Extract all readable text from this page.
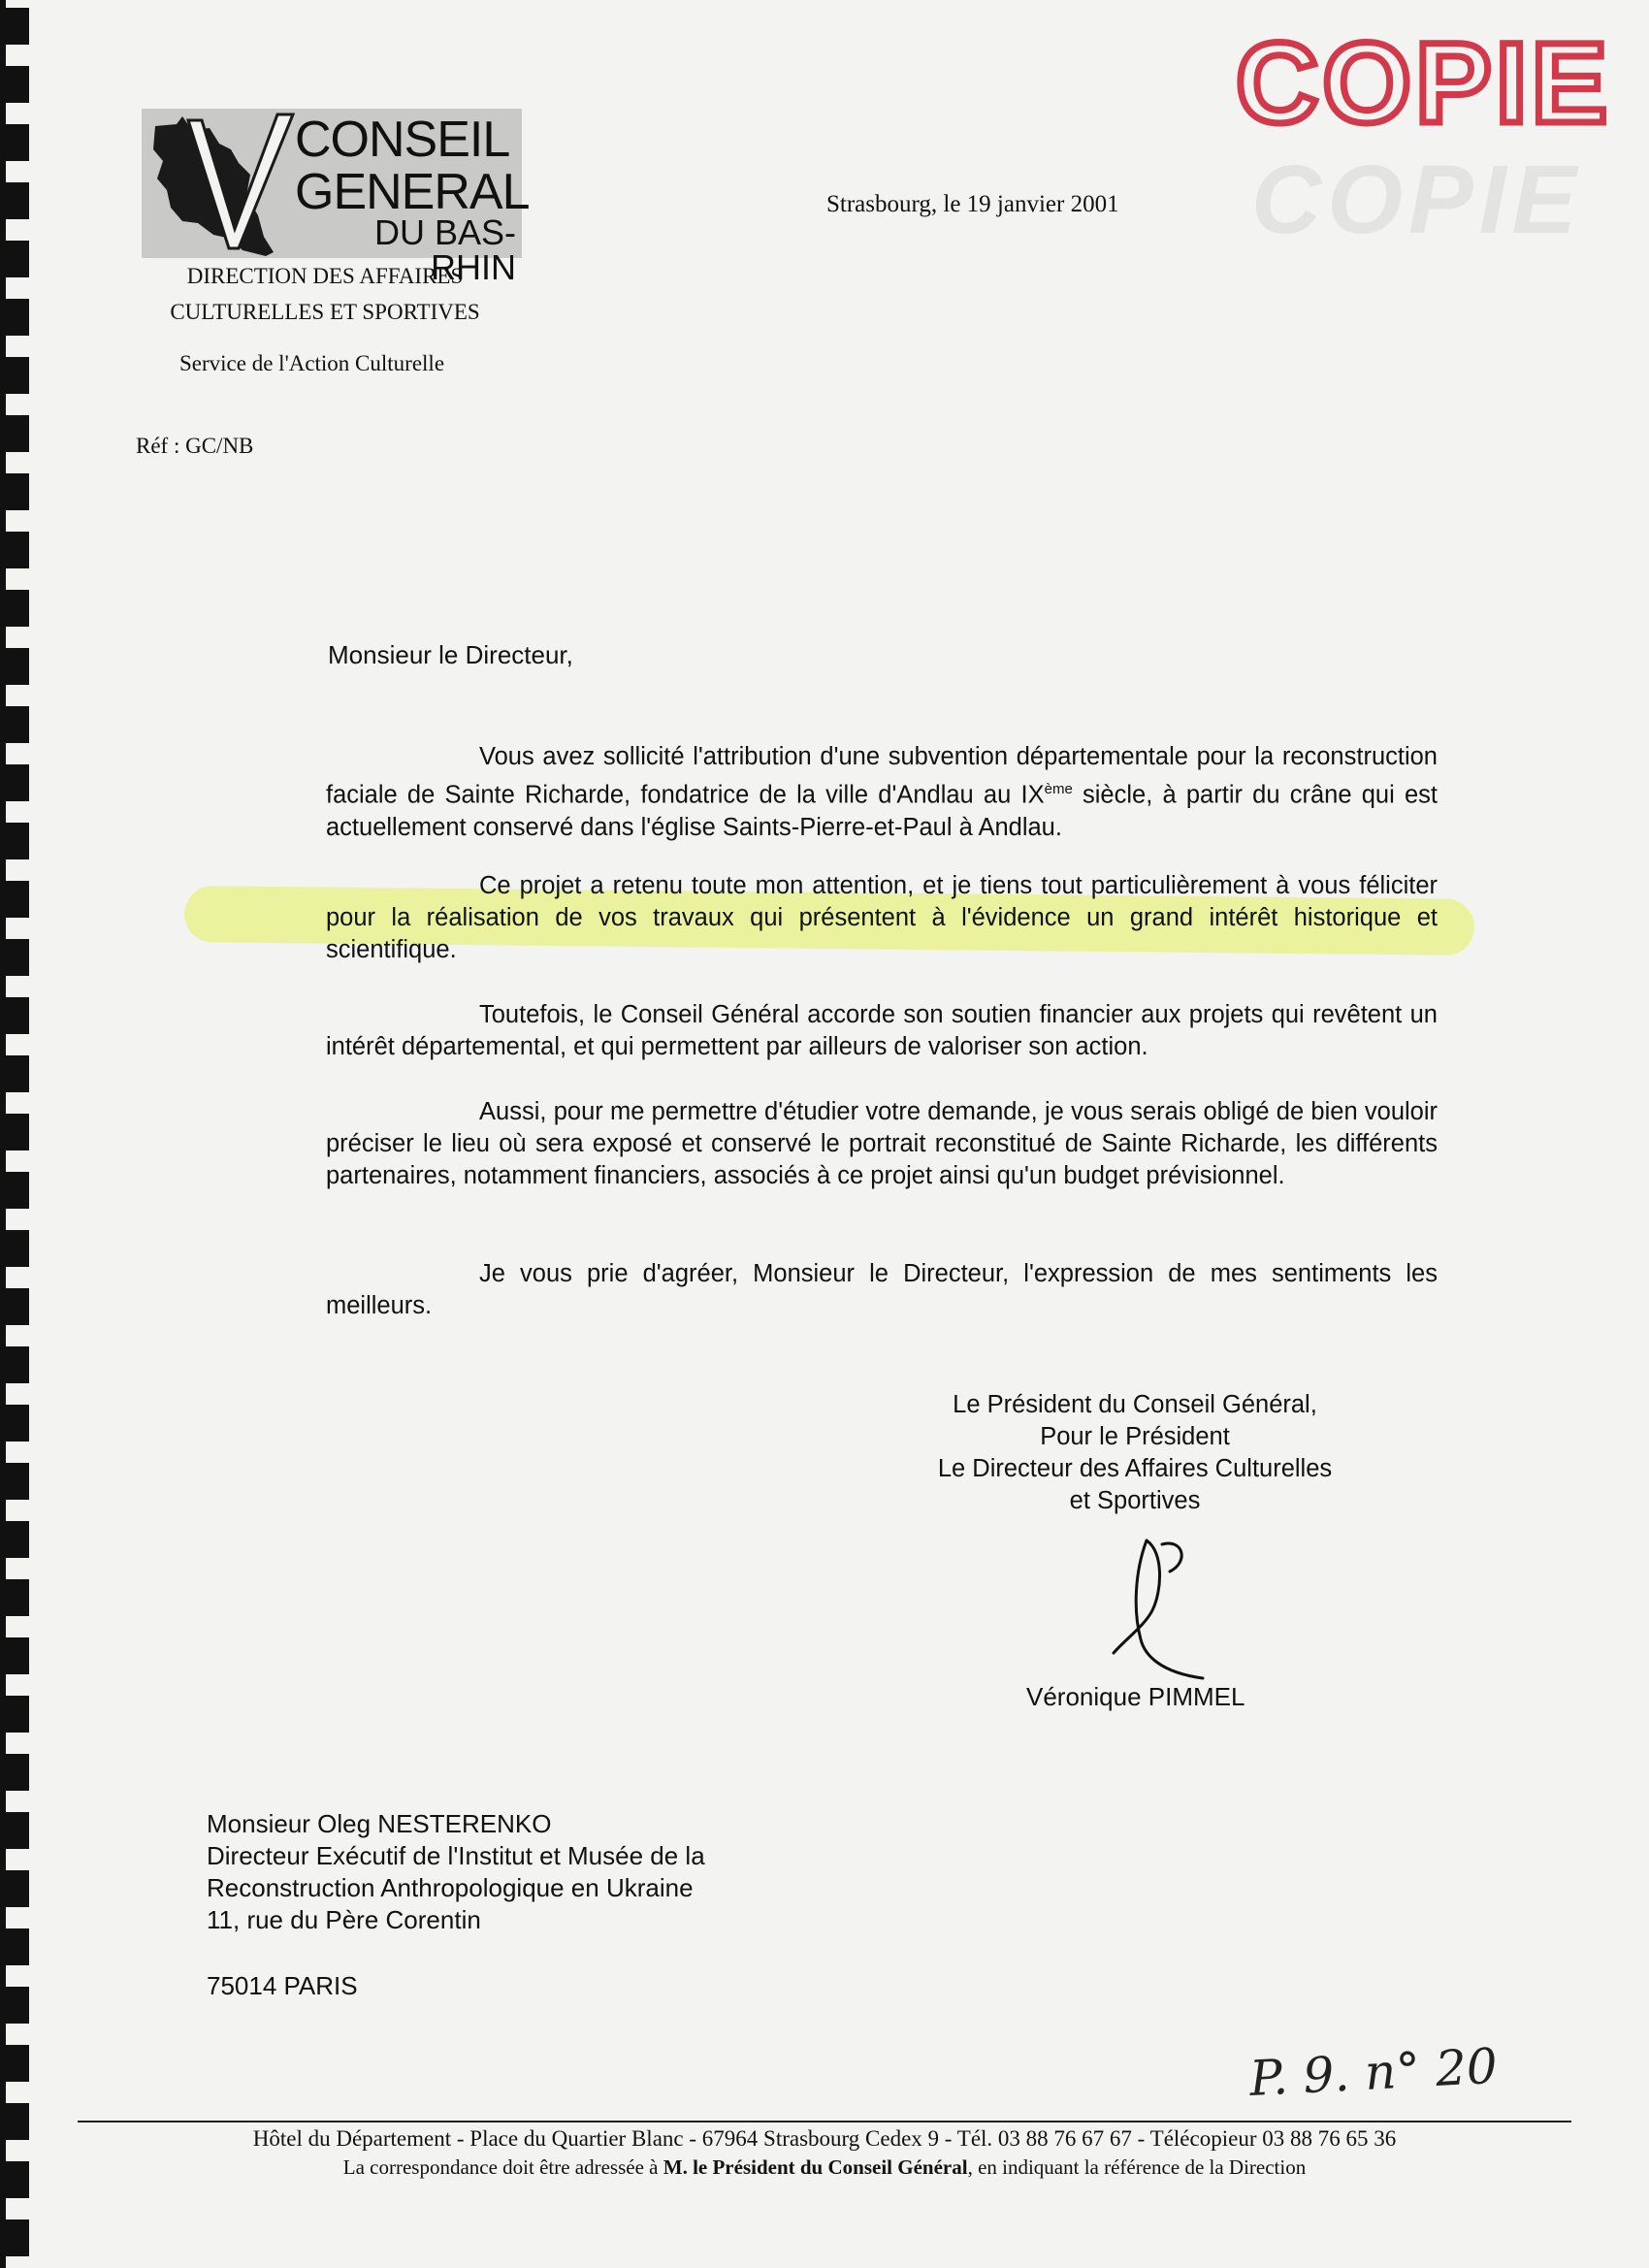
COPIE
COPIE
CONSEIL
GENERAL
DU BAS-RHIN
DIRECTION DES AFFAIRES
CULTURELLES ET SPORTIVES
Service de l'Action Culturelle
Réf : GC/NB
Strasbourg, le 19 janvier 2001
Monsieur le Directeur,
Vous avez sollicité l'attribution d'une subvention départementale pour la reconstruction faciale de Sainte Richarde, fondatrice de la ville d'Andlau au IXème siècle, à partir du crâne qui est actuellement conservé dans l'église Saints-Pierre-et-Paul à Andlau.
Ce projet a retenu toute mon attention, et je tiens tout particulièrement à vous féliciter pour la réalisation de vos travaux qui présentent à l'évidence un grand intérêt historique et scientifique.
Toutefois, le Conseil Général accorde son soutien financier aux projets qui revêtent un intérêt départemental, et qui permettent par ailleurs de valoriser son action.
Aussi, pour me permettre d'étudier votre demande, je vous serais obligé de bien vouloir préciser le lieu où sera exposé et conservé le portrait reconstitué de Sainte Richarde, les différents partenaires, notamment financiers, associés à ce projet ainsi qu'un budget prévisionnel.
Je vous prie d'agréer, Monsieur le Directeur, l'expression de mes sentiments les meilleurs.
Le Président du Conseil Général,
Pour le Président
Le Directeur des Affaires Culturelles
et Sportives
Véronique PIMMEL
Monsieur Oleg NESTERENKO
Directeur Exécutif de l'Institut et Musée de la
Reconstruction Anthropologique en Ukraine
11, rue du Père Corentin
75014 PARIS
P. 9. n° 20
Hôtel du Département - Place du Quartier Blanc - 67964 Strasbourg Cedex 9 - Tél. 03 88 76 67 67 - Télécopieur 03 88 76 65 36
La correspondance doit être adressée à M. le Président du Conseil Général, en indiquant la référence de la Direction
